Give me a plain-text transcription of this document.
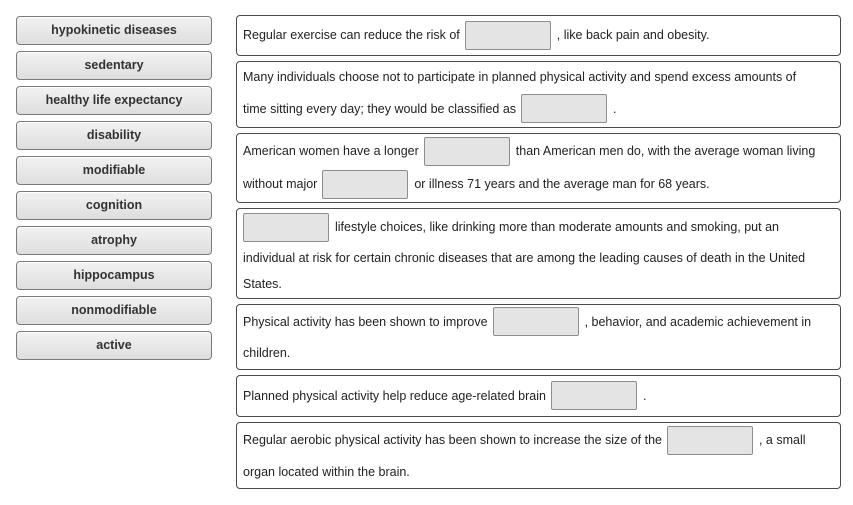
hypokinetic diseases
sedentary
healthy life expectancy
disability
modifiable
cognition
atrophy
hippocampus
nonmodifiable
active
Regular exercise can reduce the risk of	, like back pain and obesity.
Many individuals choose not to participate in planned physical activity and spend excess amounts of
time sitting every day; they would be classified as	.
American women have a longer	than American men do, with the average woman living
without major	or illness 71 years and the average man for 68 years.
lifestyle choices, like drinking more than moderate amounts and smoking, put an
individual at risk for certain chronic diseases that are among the leading causes of death in the United
States.
Physical activity has been shown to improve	, behavior, and academic achievement in
children.
Planned physical activity help reduce age-related brain	.
Regular aerobic physical activity has been shown to increase the size of the	, a small
organ located within the brain.
